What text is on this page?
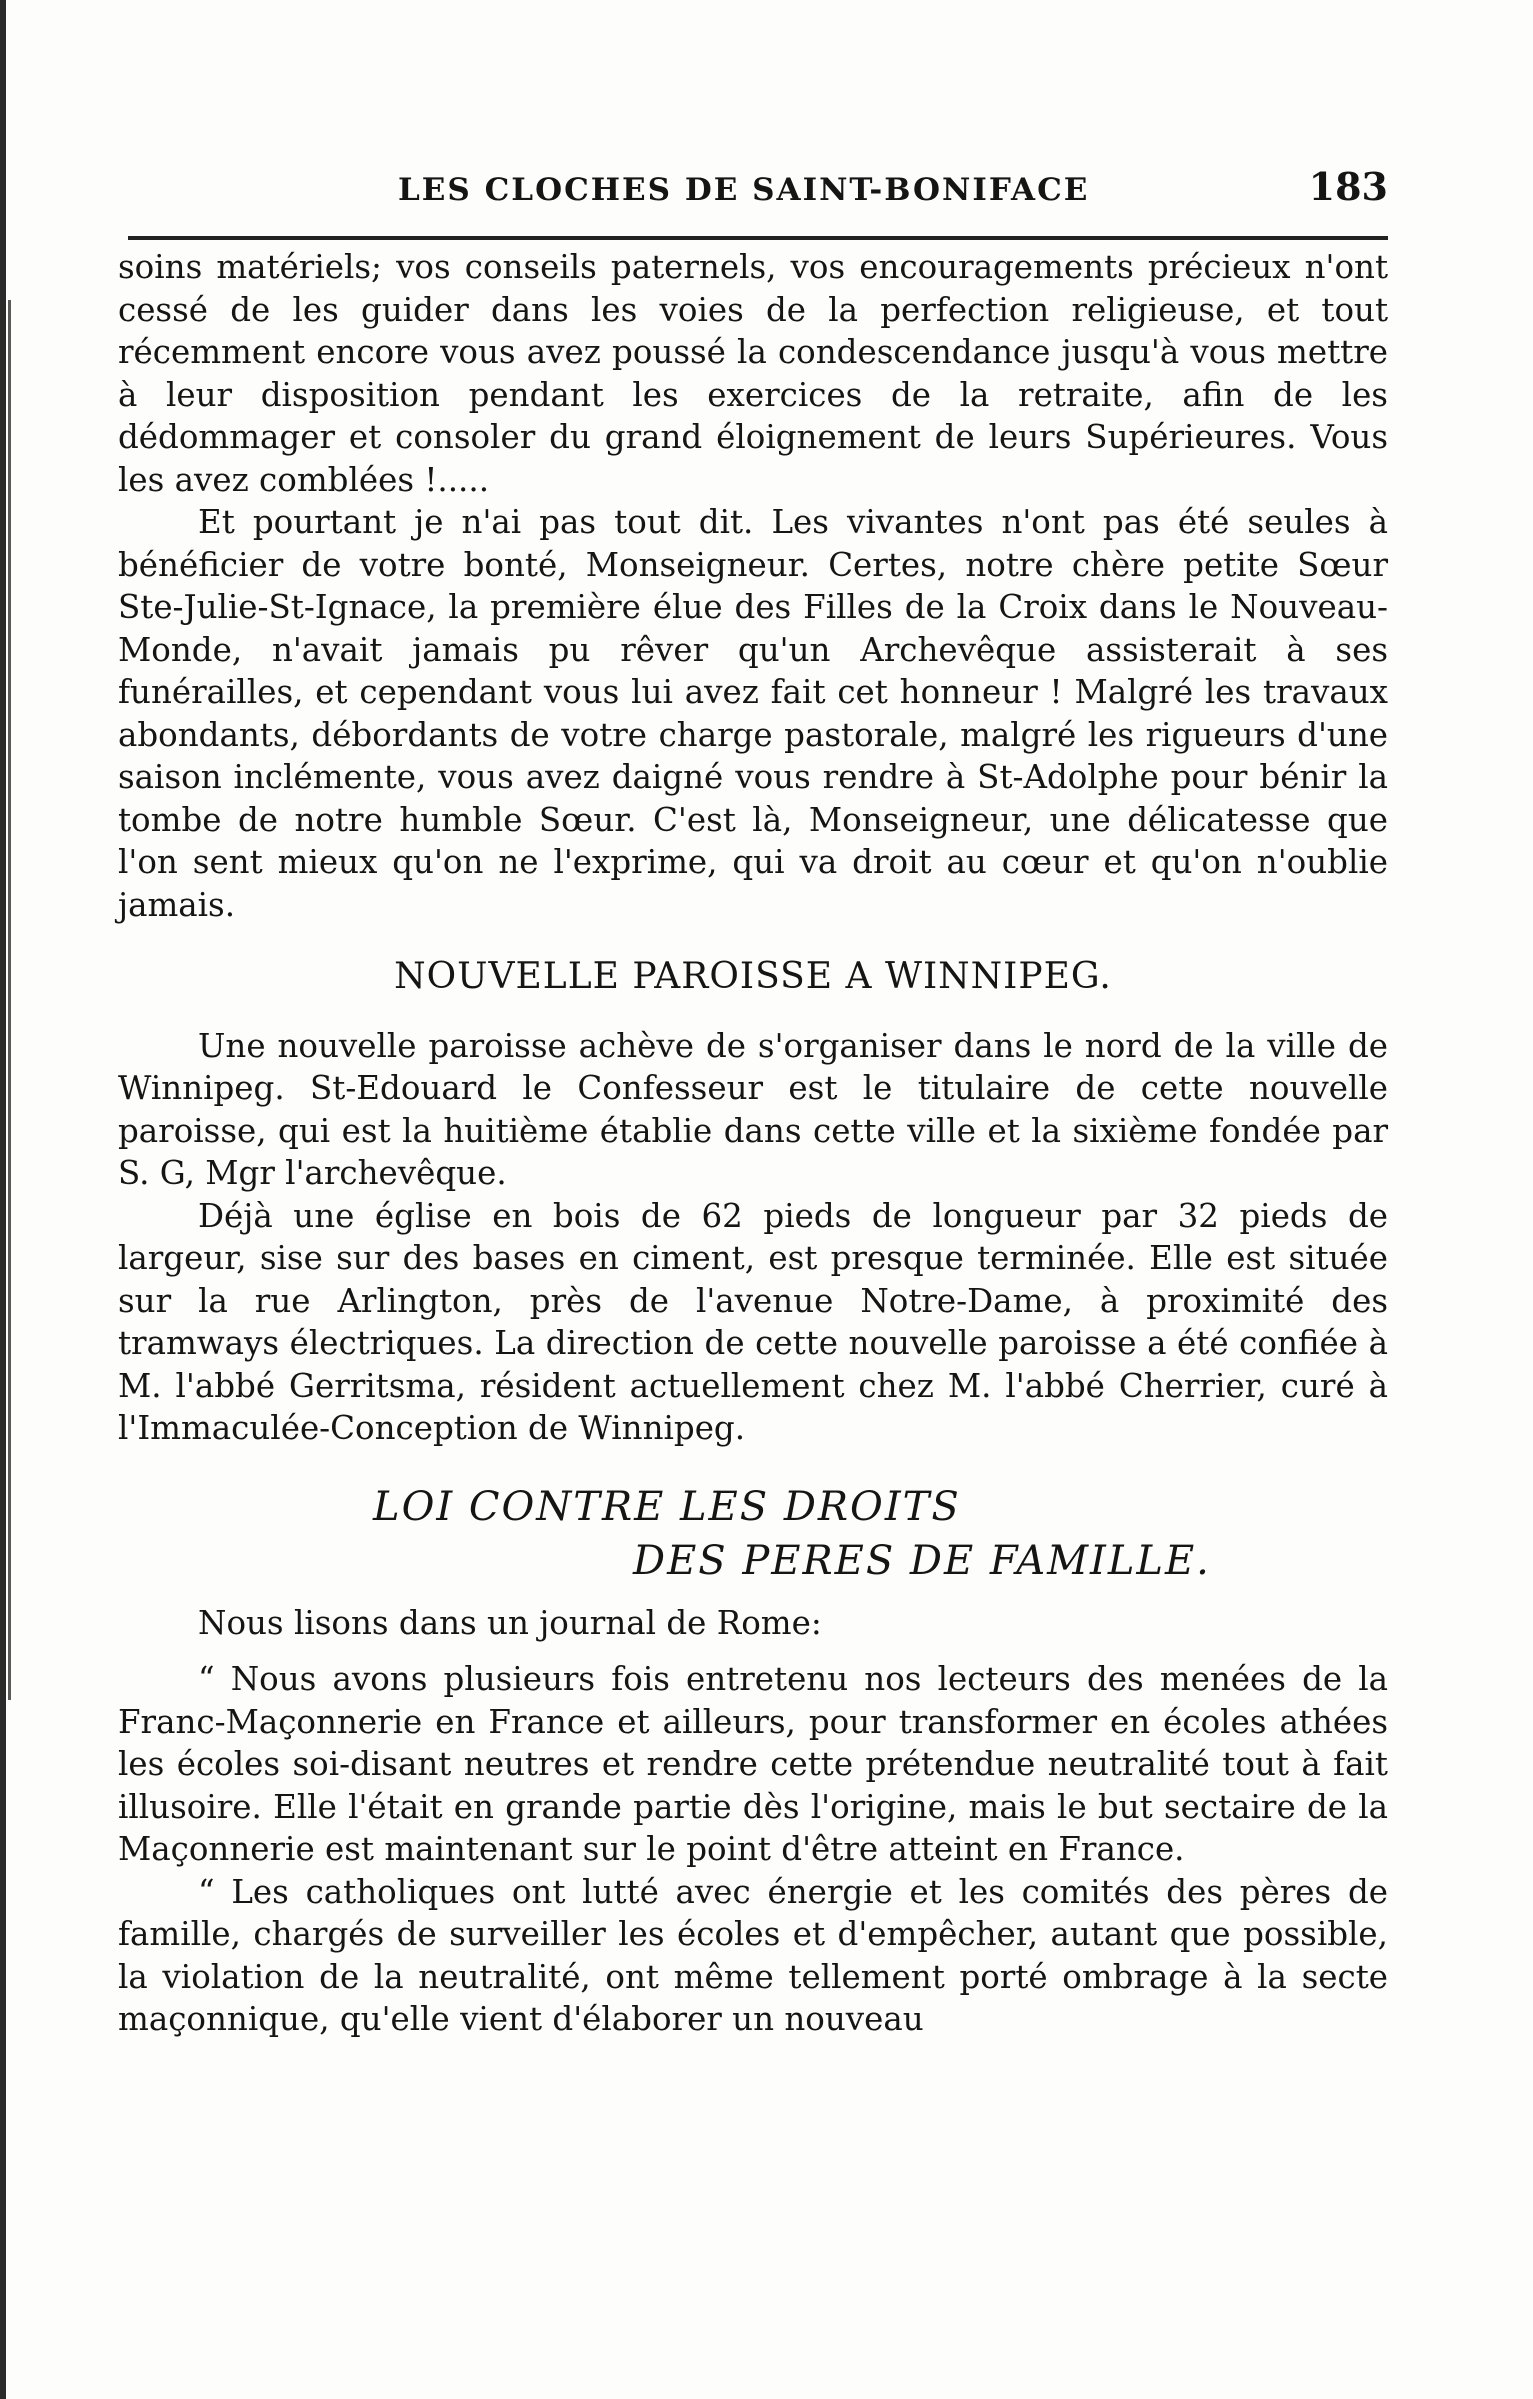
LES CLOCHES DE SAINT-BONIFACE	183

soins matériels; vos conseils paternels, vos encouragements précieux n'ont cessé de les guider dans les voies de la perfection religieuse, et tout récemment encore vous avez poussé la condescendance jusqu'à vous mettre à leur disposition pendant les exercices de la retraite, afin de les dédommager et consoler du grand éloignement de leurs Supérieures. Vous les avez comblées !.....

Et pourtant je n'ai pas tout dit. Les vivantes n'ont pas été seules à bénéficier de votre bonté, Monseigneur. Certes, notre chère petite Sœur Ste-Julie-St-Ignace, la première élue des Filles de la Croix dans le Nouveau-Monde, n'avait jamais pu rêver qu'un Archevêque assisterait à ses funérailles, et cependant vous lui avez fait cet honneur ! Malgré les travaux abondants, débordants de votre charge pastorale, malgré les rigueurs d'une saison inclémente, vous avez daigné vous rendre à St-Adolphe pour bénir la tombe de notre humble Sœur. C'est là, Monseigneur, une délicatesse que l'on sent mieux qu'on ne l'exprime, qui va droit au cœur et qu'on n'oublie jamais.

NOUVELLE PAROISSE A WINNIPEG.

Une nouvelle paroisse achève de s'organiser dans le nord de la ville de Winnipeg. St-Edouard le Confesseur est le titulaire de cette nouvelle paroisse, qui est la huitième établie dans cette ville et la sixième fondée par S. G, Mgr l'archevêque.

Déjà une église en bois de 62 pieds de longueur par 32 pieds de largeur, sise sur des bases en ciment, est presque terminée. Elle est située sur la rue Arlington, près de l'avenue Notre-Dame, à proximité des tramways électriques. La direction de cette nouvelle paroisse a été confiée à M. l'abbé Gerritsma, résident actuellement chez M. l'abbé Cherrier, curé à l'Immaculée-Conception de Winnipeg.

LOI CONTRE LES DROITS
DES PERES DE FAMILLE.

Nous lisons dans un journal de Rome:

“ Nous avons plusieurs fois entretenu nos lecteurs des menées de la Franc-Maçonnerie en France et ailleurs, pour transformer en écoles athées les écoles soi-disant neutres et rendre cette prétendue neutralité tout à fait illusoire. Elle l'était en grande partie dès l'origine, mais le but sectaire de la Maçonnerie est maintenant sur le point d'être atteint en France.

“ Les catholiques ont lutté avec énergie et les comités des pères de famille, chargés de surveiller les écoles et d'empêcher, autant que possible, la violation de la neutralité, ont même tellement porté ombrage à la secte maçonnique, qu'elle vient d'élaborer un nouveau
